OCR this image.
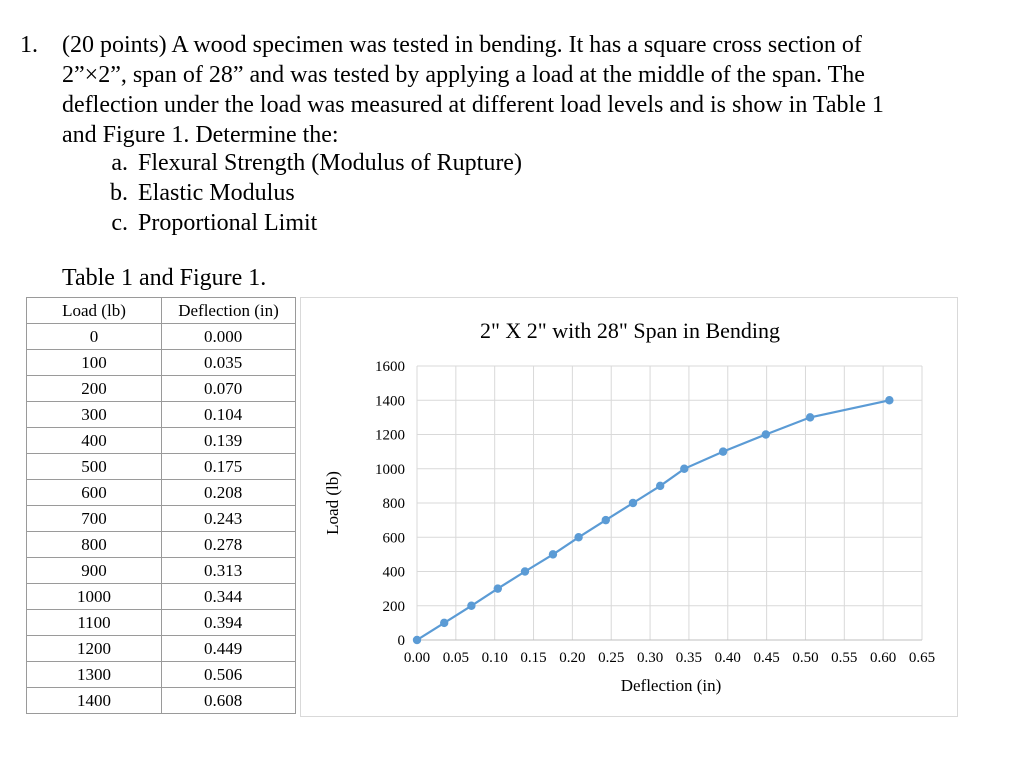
1. (20 points) A wood specimen was tested in bending. It has a square cross section of
2”×2”, span of 28” and was tested by applying a load at the middle of the span. The
deflection under the load was measured at different load levels and is show in Table 1
and Figure 1. Determine the:
a. Flexural Strength (Modulus of Rupture)
b. Elastic Modulus
c. Proportional Limit
Table 1 and Figure 1.
Load (lb)	Deflection (in)
0	0.000
100	0.035
200	0.070
300	0.104
400	0.139
500	0.175
600	0.208
700	0.243
800	0.278
900	0.313
1000	0.344
1100	0.394
1200	0.449
1300	0.506
1400	0.608
0.00 0.05 0.10 0.15 0.20 0.25 0.30 0.35 0.40 0.45 0.50 0.55 0.60 0.65
0
200
400
600
800
1000
1200
1400
1600
2" X 2" with 28" Span in Bending
Load (lb)
Deflection (in)
